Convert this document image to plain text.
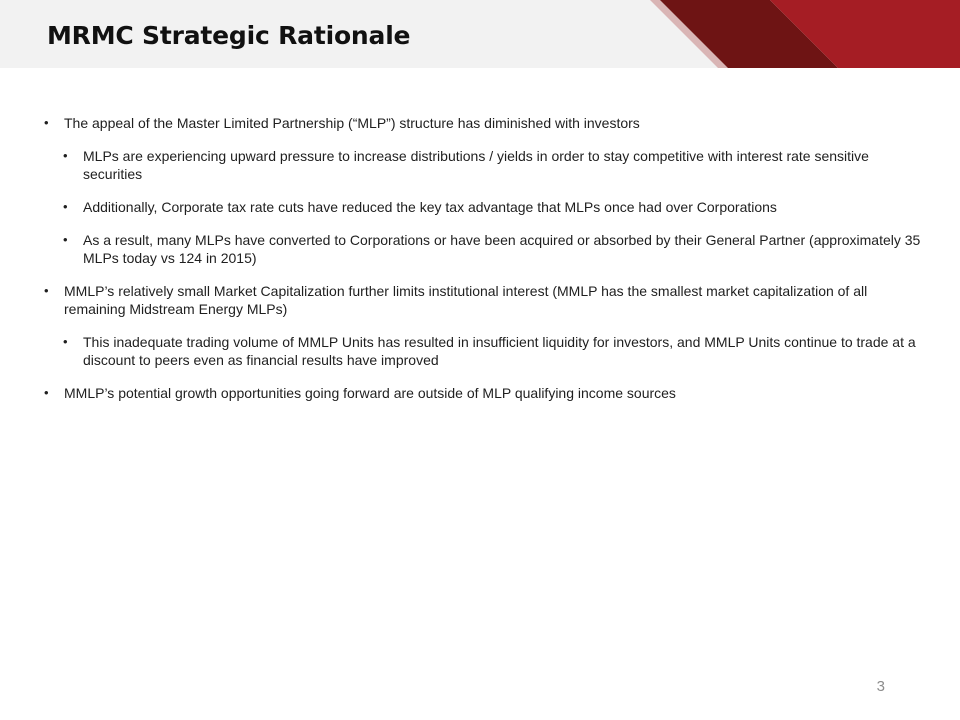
MRMC Strategic Rationale
•	The appeal of the Master Limited Partnership (“MLP”) structure has diminished with investors
•	MLPs are experiencing upward pressure to increase distributions / yields in order to stay competitive with interest rate sensitive securities
•	Additionally, Corporate tax rate cuts have reduced the key tax advantage that MLPs once had over Corporations
•	As a result, many MLPs have converted to Corporations or have been acquired or absorbed by their General Partner (approximately 35 MLPs today vs 124 in 2015)
•	MMLP’s relatively small Market Capitalization further limits institutional interest (MMLP has the smallest market capitalization of all remaining Midstream Energy MLPs)
•	This inadequate trading volume of MMLP Units has resulted in insufficient liquidity for investors, and MMLP Units continue to trade at a discount to peers even as financial results have improved
•	MMLP’s potential growth opportunities going forward are outside of MLP qualifying income sources
3
